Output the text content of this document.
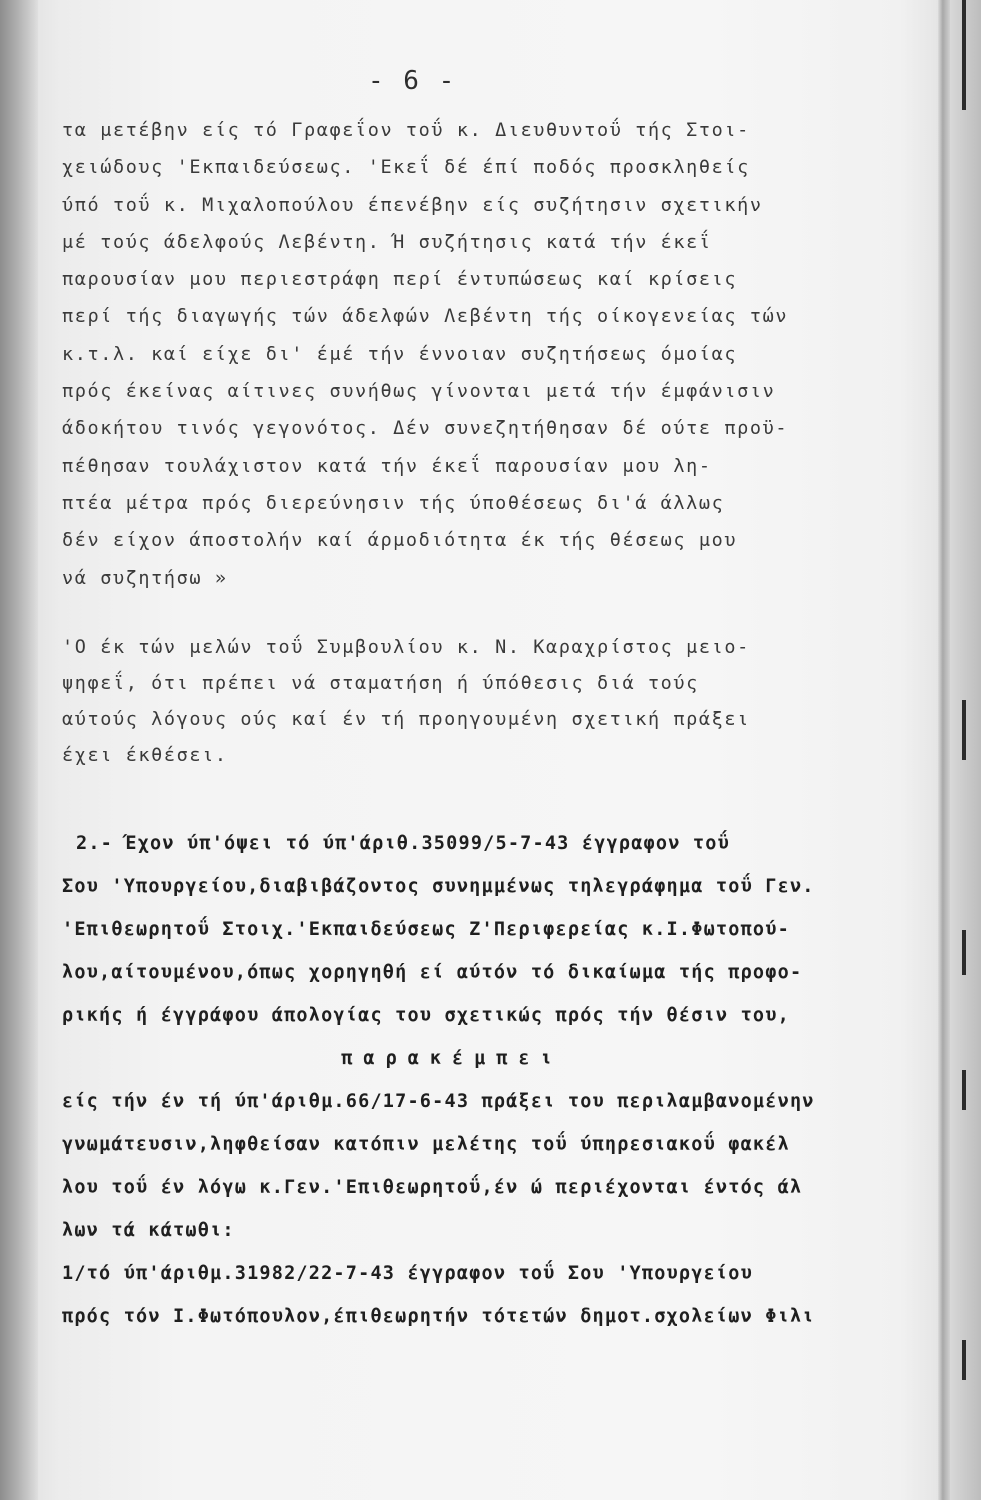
- 6 -
τα μετέβην είς τό Γραφεΐον τοΰ κ. Διευθυντοΰ τής Στοι-
χειώδους 'Εκπαιδεύσεως. 'Εκεΐ δέ έπί ποδός προσκληθείς
ύπό τοΰ κ. Μιχαλοπούλου έπενέβην είς συζήτησιν σχετικήν
μέ τούς άδελφούς Λεβέντη. Ή συζήτησις κατά τήν έκεΐ
παρουσίαν μου περιεστράφη περί έντυπώσεως καί κρίσεις
περί τής διαγωγής τών άδελφών Λεβέντη τής οίκογενείας τών
κ.τ.λ. καί είχε δι' έμέ τήν έννοιαν συζητήσεως όμοίας
πρός έκείνας αίτινες συνήθως γίνονται μετά τήν έμφάνισιν
άδοκήτου τινός γεγονότος. Δέν συνεζητήθησαν δέ ούτε προϋ-
πέθησαν τουλάχιστον κατά τήν έκεΐ παρουσίαν μου λη-
πτέα μέτρα πρός διερεύνησιν τής ύποθέσεως δι'ά άλλως
δέν είχον άποστολήν καί άρμοδιότητα έκ τής θέσεως μου
νά συζητήσω »
'Ο έκ τών μελών τοΰ Συμβουλίου κ. Ν. Καραχρίστος μειο-
ψηφεΐ, ότι πρέπει νά σταματήση ή ύπόθεσις διά τούς
αύτούς λόγους ούς καί έν τή προηγουμένη σχετική πράξει
έχει έκθέσει.
2.- Έχον ύπ'όψει τό ύπ'άριθ.35099/5-7-43 έγγραφον τοΰ
Σου 'Υπουργείου,διαβιβάζοντος συνημμένως τηλεγράφημα τοΰ Γεν.
'Επιθεωρητοΰ Στοιχ.'Εκπαιδεύσεως Ζ'Περιφερείας κ.Ι.Φωτοπού-
λου,αίτουμένου,όπως χορηγηθή εί αύτόν τό δικαίωμα τής προφο-
ρικής ή έγγράφου άπολογίας του σχετικώς πρός τήν θέσιν του,
παρακέμπει
είς τήν έν τή ύπ'άριθμ.66/17-6-43 πράξει του περιλαμβανομένην
γνωμάτευσιν,ληφθείσαν κατόπιν μελέτης τοΰ ύπηρεσιακοΰ φακέλ
λου τοΰ έν λόγω κ.Γεν.'Επιθεωρητοΰ,έν ώ περιέχονται έντός άλ
λων τά κάτωθι:
1/τό ύπ'άριθμ.31982/22-7-43 έγγραφον τοΰ Σου 'Υπουργείου
πρός τόν Ι.Φωτόπουλον,έπιθεωρητήν τότετών δημοτ.σχολείων Φιλι
